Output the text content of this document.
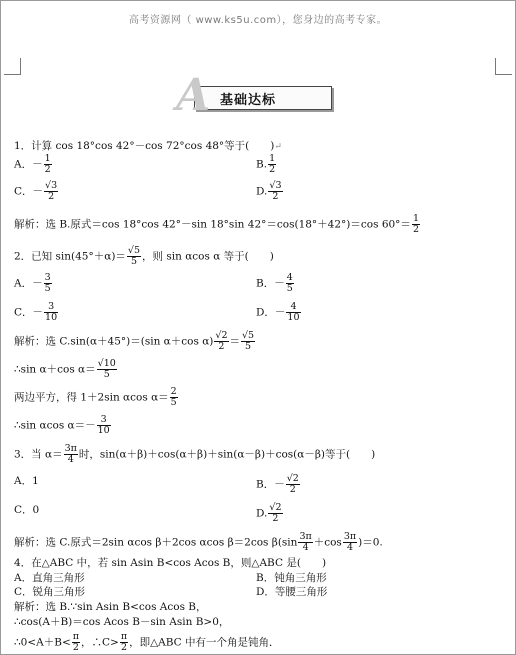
高考资源网（ www.ks5u.com），您身边的高考专家。
A 基础达标
1．计算 cos 18°cos 42°－cos 72°cos 48°等于(　　)↵
A．－ $\frac{1}{2}$	B. $\frac{1}{2}$
C．－ $\frac{√3}{2}$	D. $\frac{√3}{2}$
解析：选 B.原式＝cos 18°cos 42°－sin 18°sin 42°＝cos(18°＋42°)＝cos $60^\circ= \frac{1}{2}$
2．已知 $\sin(45^\circ+\alpha)= \frac{√5}{5}$ ，则 sin αcos α 等于(　　)
A．－ $\frac{3}{5}$	B．－ $\frac{4}{5}$
C．－ $\frac{3}{10}$	D．－ $\frac{4}{10}$
解析：选 C.sin(α＋45°)＝(sin α＋cos $\alpha) \frac{√2}{2} = \frac{√5}{5}$
∴sin α＋cos $\alpha= \frac{√10}{5}$
两边平方，得 1＋2sin αcos $\alpha= \frac{2}{5}$
∴sin αcos $\alpha=- \frac{3}{10}$
3．当 $\alpha= \frac{3\pi}{4}$ 时，sin(α＋β)＋cos(α＋β)＋sin(α－β)＋cos(α－β)等于(　　)
A．1	B．－ $\frac{√2}{2}$
C．0	D. $\frac{√2}{2}$
解析：选 C.原式＝2sin αcos β＋2cos αcos β＝2cos $\beta(\sin \frac{3\pi}{4} +\cos \frac{3\pi}{4} )=0$.
4．在△ABC 中，若 sin Asin B<cos Acos B，则△ABC 是(　　)
A．直角三角形	B．钝角三角形
C．锐角三角形	D．等腰三角形
解析：选 B.∵sin Asin B<cos Acos B，
∴cos(A＋B)＝cos Acos B－sin Asin B>0，
∴0<A＋B< $\frac{\pi}{2}$ ，∴C> $\frac{\pi}{2}$ ，即△ABC 中有一个角是钝角．
